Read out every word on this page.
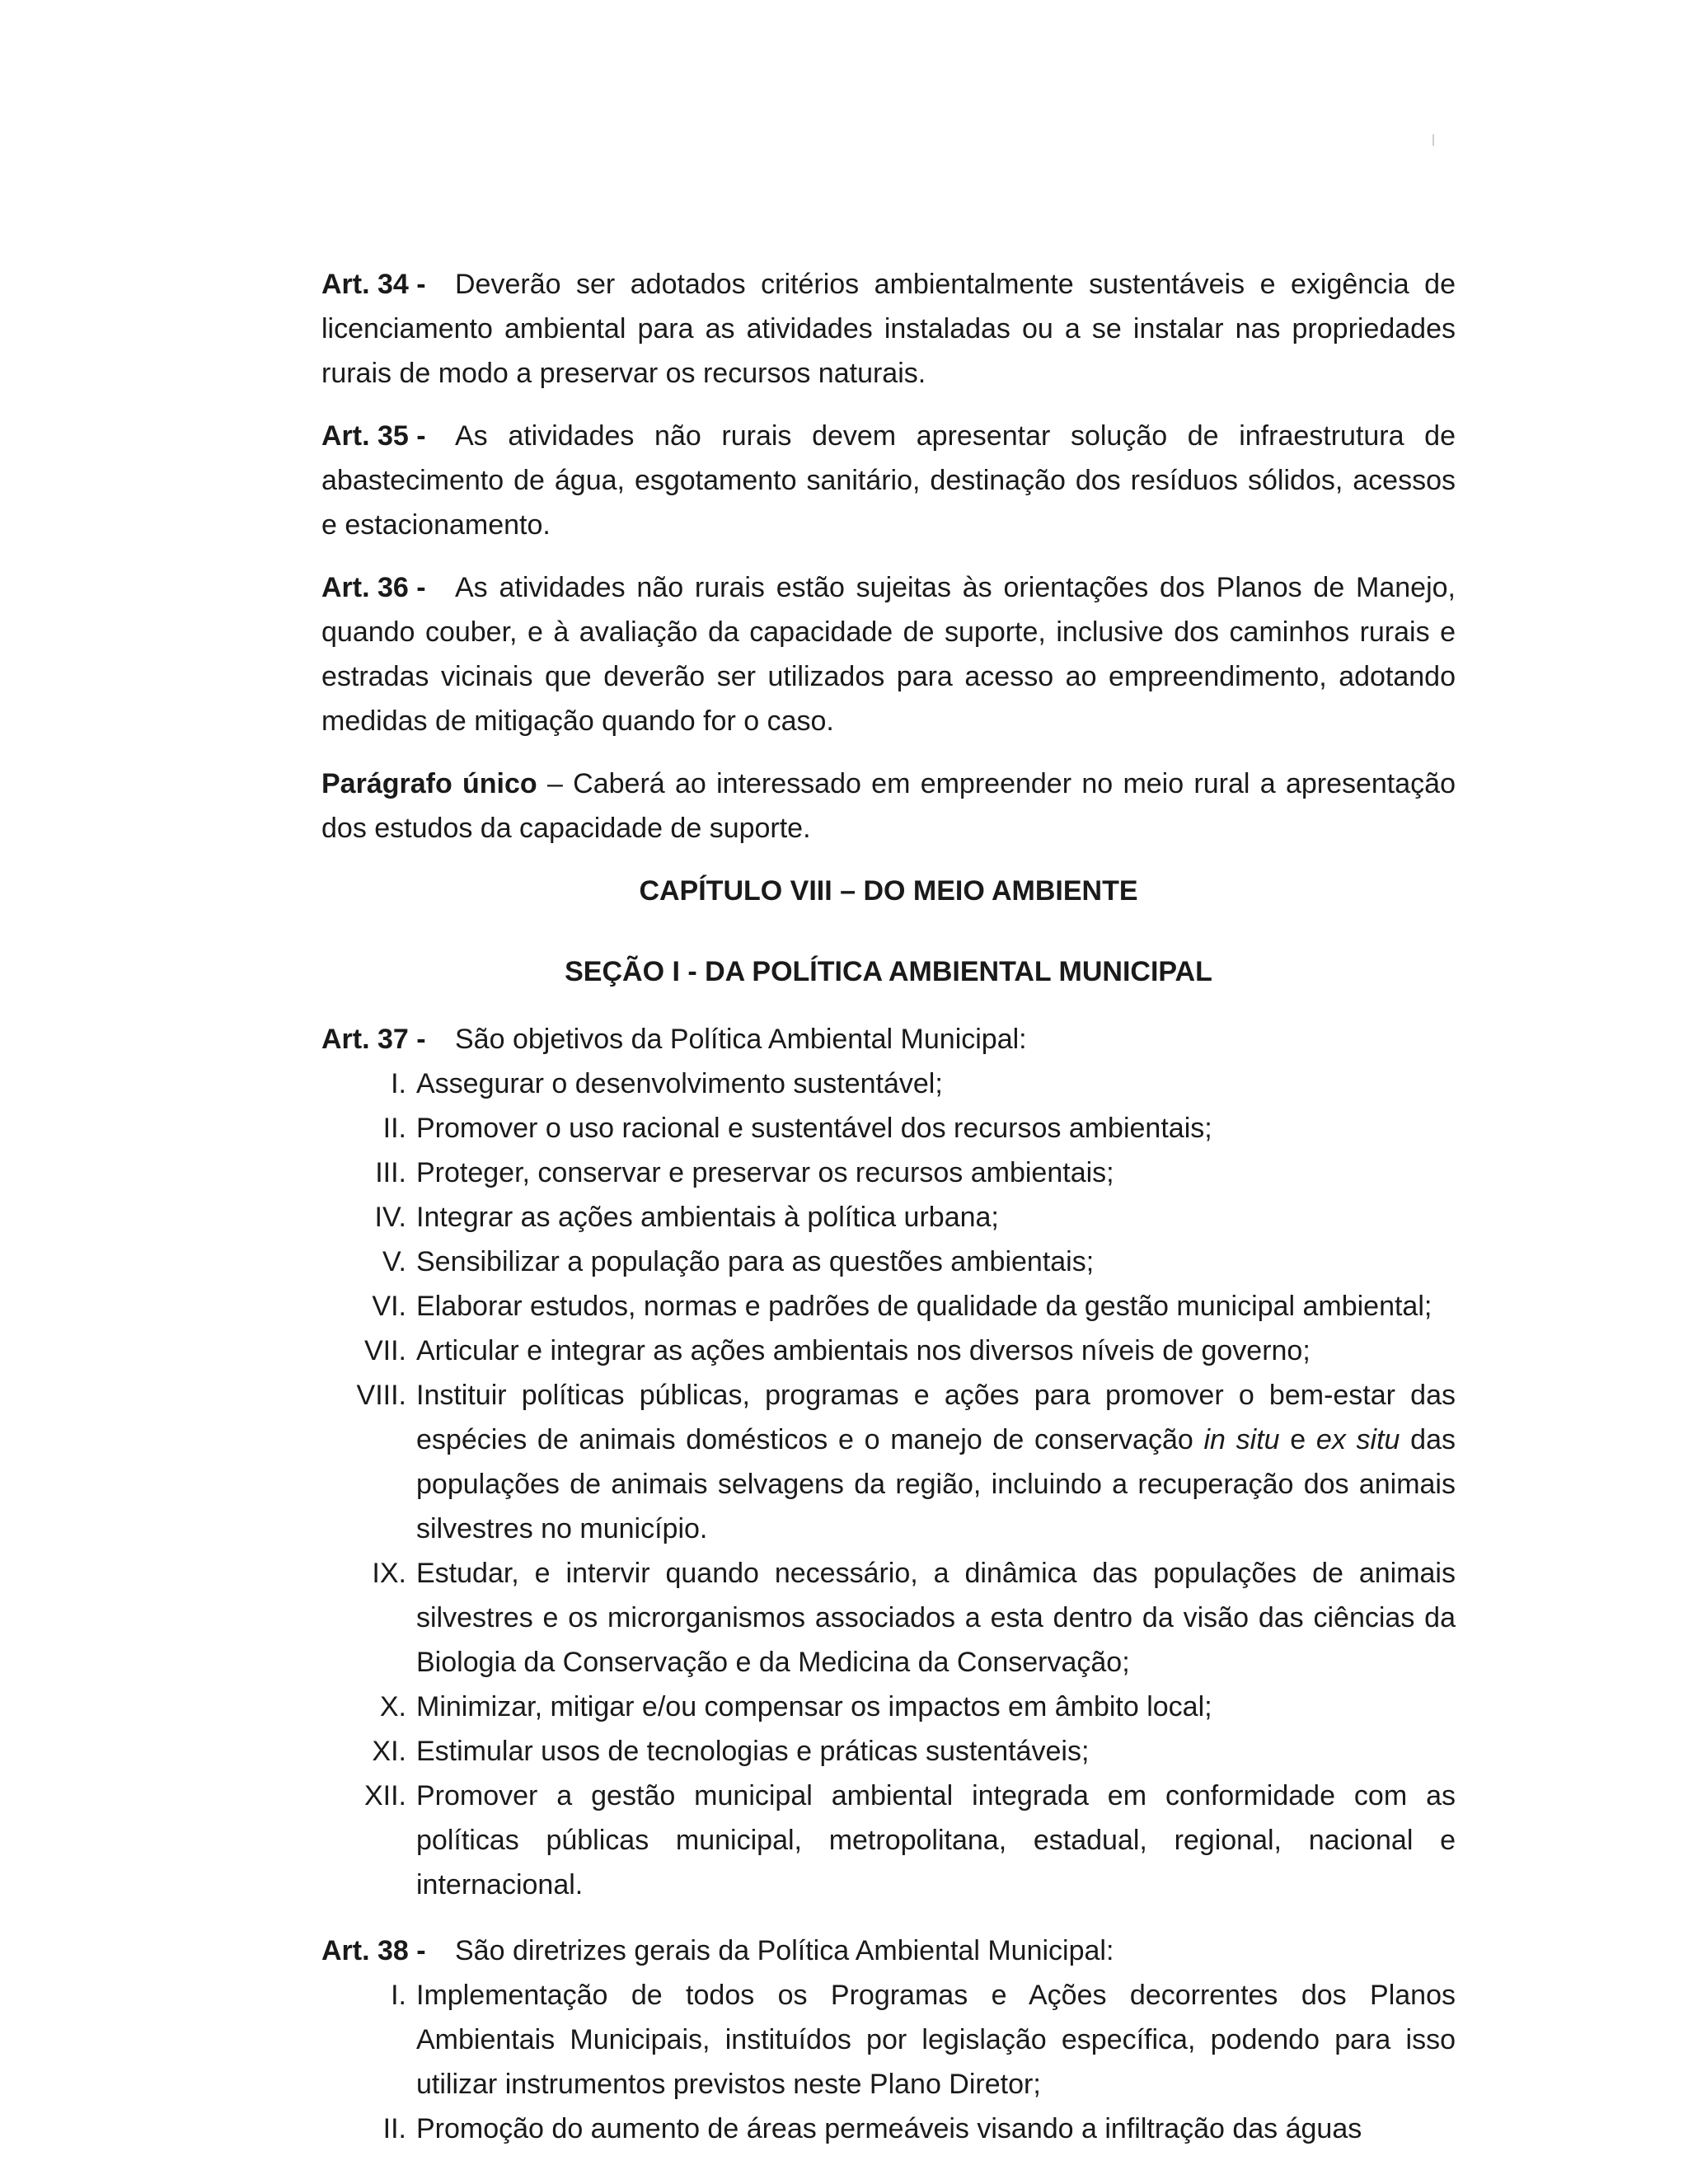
Art. 34 - Deverão ser adotados critérios ambientalmente sustentáveis e exigência de licenciamento ambiental para as atividades instaladas ou a se instalar nas propriedades rurais de modo a preservar os recursos naturais.

Art. 35 - As atividades não rurais devem apresentar solução de infraestrutura de abastecimento de água, esgotamento sanitário, destinação dos resíduos sólidos, acessos e estacionamento.

Art. 36 - As atividades não rurais estão sujeitas às orientações dos Planos de Manejo, quando couber, e à avaliação da capacidade de suporte, inclusive dos caminhos rurais e estradas vicinais que deverão ser utilizados para acesso ao empreendimento, adotando medidas de mitigação quando for o caso.

Parágrafo único – Caberá ao interessado em empreender no meio rural a apresentação dos estudos da capacidade de suporte.

CAPÍTULO VIII – DO MEIO AMBIENTE
SEÇÃO I - DA POLÍTICA AMBIENTAL MUNICIPAL

Art. 37 - São objetivos da Política Ambiental Municipal:

I. Assegurar o desenvolvimento sustentável;
II. Promover o uso racional e sustentável dos recursos ambientais;
III. Proteger, conservar e preservar os recursos ambientais;
IV. Integrar as ações ambientais à política urbana;
V. Sensibilizar a população para as questões ambientais;
VI. Elaborar estudos, normas e padrões de qualidade da gestão municipal ambiental;
VII. Articular e integrar as ações ambientais nos diversos níveis de governo;
VIII. Instituir políticas públicas, programas e ações para promover o bem-estar das espécies de animais domésticos e o manejo de conservação in situ e ex situ das populações de animais selvagens da região, incluindo a recuperação dos animais silvestres no município.
IX. Estudar, e intervir quando necessário, a dinâmica das populações de animais silvestres e os microrganismos associados a esta dentro da visão das ciências da Biologia da Conservação e da Medicina da Conservação;
X. Minimizar, mitigar e/ou compensar os impactos em âmbito local;
XI. Estimular usos de tecnologias e práticas sustentáveis;
XII. Promover a gestão municipal ambiental integrada em conformidade com as políticas públicas municipal, metropolitana, estadual, regional, nacional e internacional.

Art. 38 - São diretrizes gerais da Política Ambiental Municipal:

I. Implementação de todos os Programas e Ações decorrentes dos Planos Ambientais Municipais, instituídos por legislação específica, podendo para isso utilizar instrumentos previstos neste Plano Diretor;
II. Promoção do aumento de áreas permeáveis visando a infiltração das águas
